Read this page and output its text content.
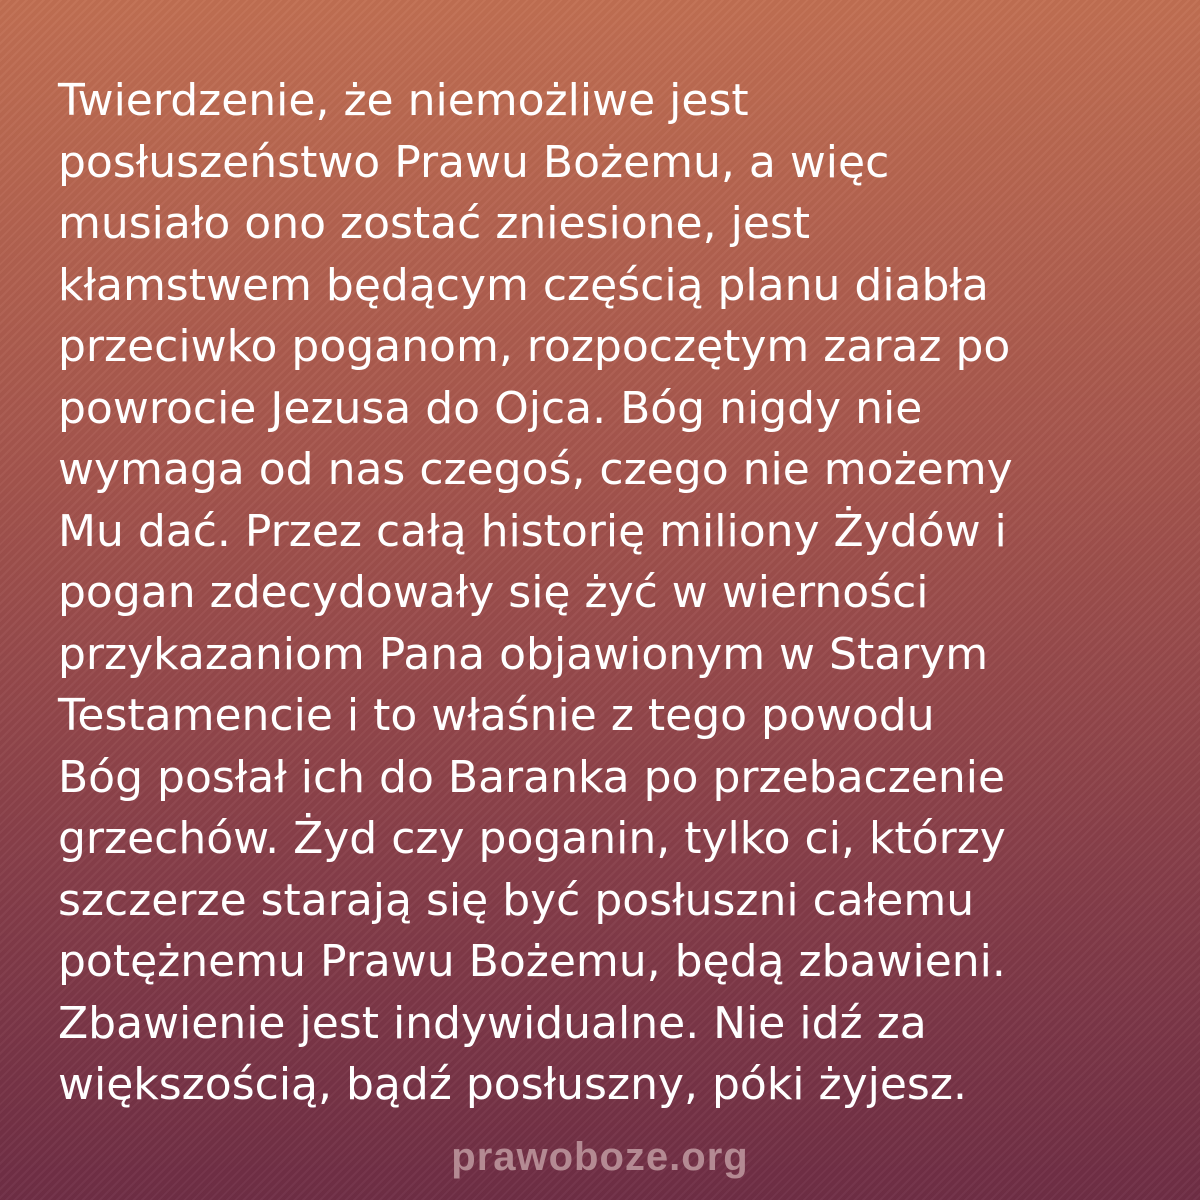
Twierdzenie, że niemożliwe jest
posłuszeństwo Prawu Bożemu, a więc
musiało ono zostać zniesione, jest
kłamstwem będącym częścią planu diabła
przeciwko poganom, rozpoczętym zaraz po
powrocie Jezusa do Ojca. Bóg nigdy nie
wymaga od nas czegoś, czego nie możemy
Mu dać. Przez całą historię miliony Żydów i
pogan zdecydowały się żyć w wierności
przykazaniom Pana objawionym w Starym
Testamencie i to właśnie z tego powodu
Bóg posłał ich do Baranka po przebaczenie
grzechów. Żyd czy poganin, tylko ci, którzy
szczerze starają się być posłuszni całemu
potężnemu Prawu Bożemu, będą zbawieni.
Zbawienie jest indywidualne. Nie idź za
większością, bądź posłuszny, póki żyjesz.

prawoboze.org
